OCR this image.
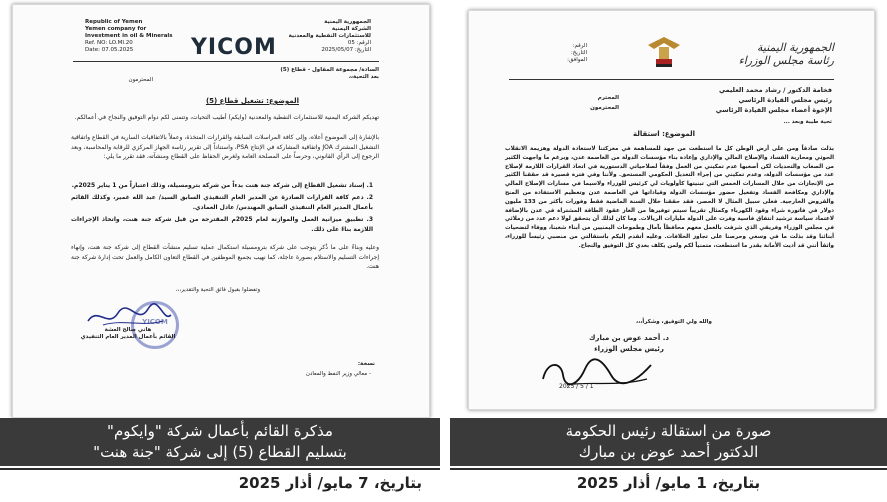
Republic of Yemen
Yemen company for
Investment in oil & Minerals
Ref. NO: LO.MI.20
Date: 07.05.2025	YICOM
الجمهورية اليمنية
الشركة اليمنية
للاستثمارات النفطية والمعدنية
الرقم: 05
التاريخ: 2025/05/07
السادة/ مجموعة المقاول - قطاع (5)
بعد التحية،،
المحترمون
الموضوع: تشغيل قطاع (5)
تهديكم الشركة اليمنية للاستثمارات النفطية والمعدنية (وايكم) أطيب التحيات، وتتمنى لكم دوام التوفيق والنجاح في أعمالكم.
بالإشارة إلى الموضوع أعلاه، وإلى كافة المراسلات السابقة والقرارات المتخذة، وعملاً بالاتفاقيات السارية في القطاع واتفاقية التشغيل المشترك JOA واتفاقية المشاركة في الإنتاج PSA، واستناداً إلى تقرير رئاسة الجهاز المركزي للرقابة والمحاسبة، وبعد الرجوع إلى الرأي القانوني، وحرصاً على المصلحة العامة ولغرض الحفاظ على القطاع ومنشآته، فقد تقرر ما يلي:
1. إسناد تشغيل القطاع إلى شركة جنة هنت بدءاً من شركة بترومسيلة، وذلك اعتباراً من 1 يناير 2025م.
2. دعم كافة القرارات الصادرة عن المدير العام التنفيذي السابق السيد/ عبد الله غمير، وكذلك القائم بأعمال المدير العام التنفيذي السابق المهندس/ عادل العمادي.
3. تطبيق ميزانية العمل والموازنة لعام 2025م المقترحة من قبل شركة جنة هنت، واتخاذ الإجراءات اللازمة بناءً على ذلك.
وعليه وبناءً على ما ذُكر يتوجب على شركة بترومسيلة استكمال عملية تسليم منشآت القطاع إلى شركة جنة هنت، وإنهاء إجراءات التسليم والاستلام بصورة عاجلة، كما نهيب بجميع الموظفين في القطاع التعاون الكامل والعمل تحت إدارة شركة جنة هنت.
وتفضلوا بقبول فائق التحية والتقدير،،،
YICOM
هاني صالح العشة
القائم بأعمال المدير العام التنفيذي
نسخة:
- معالي وزير النفط والمعادن
مذكرة القائم بأعمال شركة "وايكوم"
بتسليم القطاع (5) إلى شركة "جنة هنت"
بتاريخ، 7 مايو/ أذار 2025
الرقم:
التاريخ:
الموافق:
الجمهورية اليمنية
رئاسة مجلس الوزراء
فخامة الدكتور / رشاد محمد العليمي
رئيس مجلس القيادة الرئاسي
الإخوة أعضاء مجلس القيادة الرئاسي
المحترم
المحترمون
تحية طيبة وبعد ...
الموضوع: استقالة
بذلت صادقاً ومن على أرض الوطن كل ما استطعت من جهد للمساهمة في معركتنا لاستعادة الدولة وهزيمة الانقلاب الحوثي ومحاربة الفساد والإصلاح المالي والإداري وإعادة بناء مؤسسات الدولة من العاصمة عدن، وبرغم ما واجهت الكثير من الصعاب والتحديات لكن أصعبها عدم تمكيني من العمل وفقاً لصلاحياتي الدستورية في اتخاذ القرارات اللازمة لإصلاح عدد من مؤسسات الدولة، وعدم تمكيني من إجراء التعديل الحكومي المستحق. ولأننا وفي فترة قصيرة قد حققنا الكثير من الإنجازات من خلال المسارات الخمس التي تبنيتها كأولويات لي كرئيس للوزراء ولاسيما في مسارات الإصلاح المالي والإداري ومكافحة الفساد وتفعيل حضور مؤسسات الدولة وقياداتها في العاصمة عدن وتعظيم الاستفادة من المنح والقروض الخارجية. فعلى سبيل المثال لا الحصر، فقد حققنا خلال السنة الماضية فقط وفورات بأكثر من 133 مليون دولار في فاتورة شراء وقود الكهرباء وكمثال تقريباً سيتم توفيرها من الغاز عقود الطاقة المشتراة في عدن بالإضافة لاعتماد سياسة ترشيد انتفاق فاسية وفرت على الدولة مليارات الريالات. وما كان لذلك أن يتحقق لولا دعم عدد من زملائي في مجلس الوزراء وفريقي الذي شرفت بالعمل معهم محافظاً بآمال وطموحات اليمنيين من أبناء شعبنا، ووفاء لتضحيات أبنائنا وقد بذلت ما في وسعي وحرصنا على تجاوز الخلافات. وعليه أتقدم إليكم باستقالتي من منصبي رئيساً للوزراء، واثقاً أنني قد أديت الأمانة بقدر ما استطعت، متمنياً لكم ولمن يكلف بعدي كل التوفيق والنجاح.
والله ولي التوفيق، وشكراً،،،
د. أحمد عوض بن مبارك
رئيس مجلس الوزراء
2025 / 5 / 1
صورة من استقالة رئيس الحكومة
الدكتور أحمد عوض بن مبارك
بتاريخ، 1 مايو/ أذار 2025
